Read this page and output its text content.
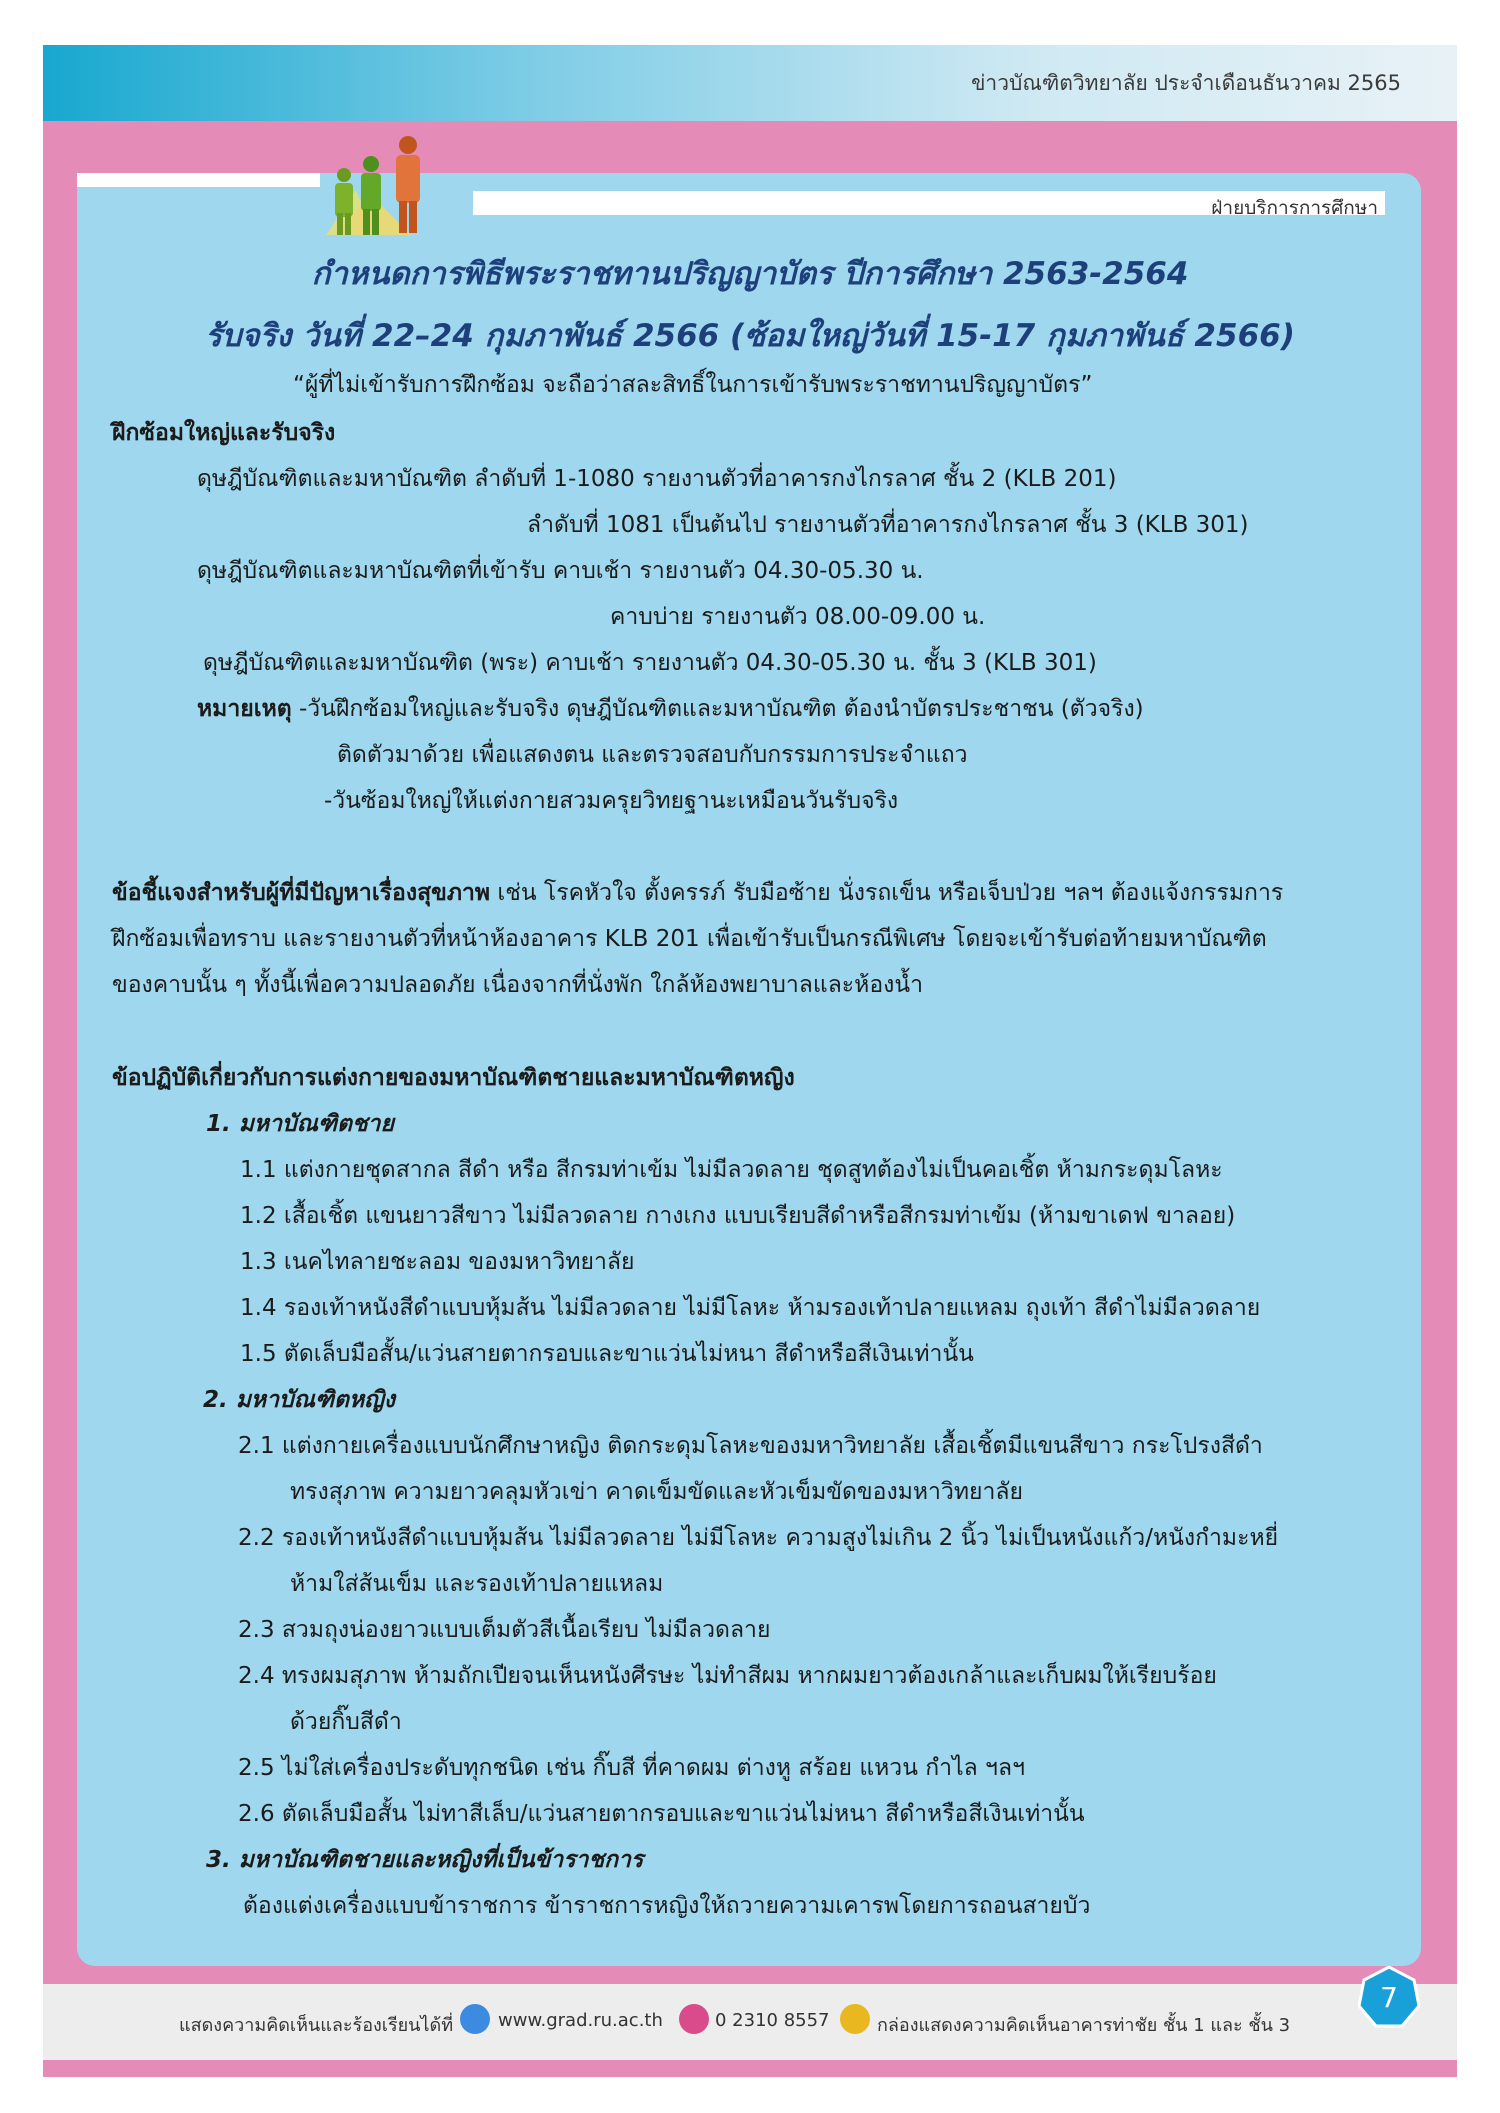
ข่าวบัณฑิตวิทยาลัย ประจำเดือนธันวาคม 2565
ฝ่ายบริการการศึกษา
กำหนดการพิธีพระราชทานปริญญาบัตร ปีการศึกษา 2563-2564
รับจริง วันที่ 22–24 กุมภาพันธ์ 2566 (ซ้อมใหญ่วันที่ 15-17 กุมภาพันธ์ 2566)
“ผู้ที่ไม่เข้ารับการฝึกซ้อม จะถือว่าสละสิทธิ์ในการเข้ารับพระราชทานปริญญาบัตร”
ฝึกซ้อมใหญ่และรับจริง
ดุษฎีบัณฑิตและมหาบัณฑิต ลำดับที่ 1-1080 รายงานตัวที่อาคารกงไกรลาศ ชั้น 2 (KLB 201)
ลำดับที่ 1081 เป็นต้นไป รายงานตัวที่อาคารกงไกรลาศ ชั้น 3 (KLB 301)
ดุษฎีบัณฑิตและมหาบัณฑิตที่เข้ารับ คาบเช้า รายงานตัว 04.30-05.30 น.
คาบบ่าย รายงานตัว 08.00-09.00 น.
ดุษฎีบัณฑิตและมหาบัณฑิต (พระ) คาบเช้า รายงานตัว 04.30-05.30 น. ชั้น 3 (KLB 301)
หมายเหตุ -วันฝึกซ้อมใหญ่และรับจริง ดุษฎีบัณฑิตและมหาบัณฑิต ต้องนำบัตรประชาชน (ตัวจริง)
ติดตัวมาด้วย เพื่อแสดงตน และตรวจสอบกับกรรมการประจำแถว
-วันซ้อมใหญ่ให้แต่งกายสวมครุยวิทยฐานะเหมือนวันรับจริง
ข้อชี้แจงสำหรับผู้ที่มีปัญหาเรื่องสุขภาพ เช่น โรคหัวใจ ตั้งครรภ์ รับมือซ้าย นั่งรถเข็น หรือเจ็บป่วย ฯลฯ ต้องแจ้งกรรมการ
ฝึกซ้อมเพื่อทราบ และรายงานตัวที่หน้าห้องอาคาร KLB 201 เพื่อเข้ารับเป็นกรณีพิเศษ โดยจะเข้ารับต่อท้ายมหาบัณฑิต
ของคาบนั้น ๆ ทั้งนี้เพื่อความปลอดภัย เนื่องจากที่นั่งพัก ใกล้ห้องพยาบาลและห้องน้ำ
ข้อปฏิบัติเกี่ยวกับการแต่งกายของมหาบัณฑิตชายและมหาบัณฑิตหญิง
1. มหาบัณฑิตชาย
1.1 แต่งกายชุดสากล สีดำ หรือ สีกรมท่าเข้ม ไม่มีลวดลาย ชุดสูทต้องไม่เป็นคอเชิ้ต ห้ามกระดุมโลหะ
1.2 เสื้อเชิ้ต แขนยาวสีขาว ไม่มีลวดลาย กางเกง แบบเรียบสีดำหรือสีกรมท่าเข้ม (ห้ามขาเดฟ ขาลอย)
1.3 เนคไทลายชะลอม ของมหาวิทยาลัย
1.4 รองเท้าหนังสีดำแบบหุ้มส้น ไม่มีลวดลาย ไม่มีโลหะ ห้ามรองเท้าปลายแหลม ถุงเท้า สีดำไม่มีลวดลาย
1.5 ตัดเล็บมือสั้น/แว่นสายตากรอบและขาแว่นไม่หนา สีดำหรือสีเงินเท่านั้น
2. มหาบัณฑิตหญิง
2.1 แต่งกายเครื่องแบบนักศึกษาหญิง ติดกระดุมโลหะของมหาวิทยาลัย เสื้อเชิ้ตมีแขนสีขาว กระโปรงสีดำ
ทรงสุภาพ ความยาวคลุมหัวเข่า คาดเข็มขัดและหัวเข็มขัดของมหาวิทยาลัย
2.2 รองเท้าหนังสีดำแบบหุ้มส้น ไม่มีลวดลาย ไม่มีโลหะ ความสูงไม่เกิน 2 นิ้ว ไม่เป็นหนังแก้ว/หนังกำมะหยี่
ห้ามใส่ส้นเข็ม และรองเท้าปลายแหลม
2.3 สวมถุงน่องยาวแบบเต็มตัวสีเนื้อเรียบ ไม่มีลวดลาย
2.4 ทรงผมสุภาพ ห้ามถักเปียจนเห็นหนังศีรษะ ไม่ทำสีผม หากผมยาวต้องเกล้าและเก็บผมให้เรียบร้อย
ด้วยกิ๊บสีดำ
2.5 ไม่ใส่เครื่องประดับทุกชนิด เช่น กิ๊บสี ที่คาดผม ต่างหู สร้อย แหวน กำไล ฯลฯ
2.6 ตัดเล็บมือสั้น ไม่ทาสีเล็บ/แว่นสายตากรอบและขาแว่นไม่หนา สีดำหรือสีเงินเท่านั้น
3. มหาบัณฑิตชายและหญิงที่เป็นข้าราชการ
ต้องแต่งเครื่องแบบข้าราชการ ข้าราชการหญิงให้ถวายความเคารพโดยการถอนสายบัว
แสดงความคิดเห็นและร้องเรียนได้ที่ www.grad.ru.ac.th	0 2310 8557	กล่องแสดงความคิดเห็นอาคารท่าชัย ชั้น 1 และ ชั้น 3
7
